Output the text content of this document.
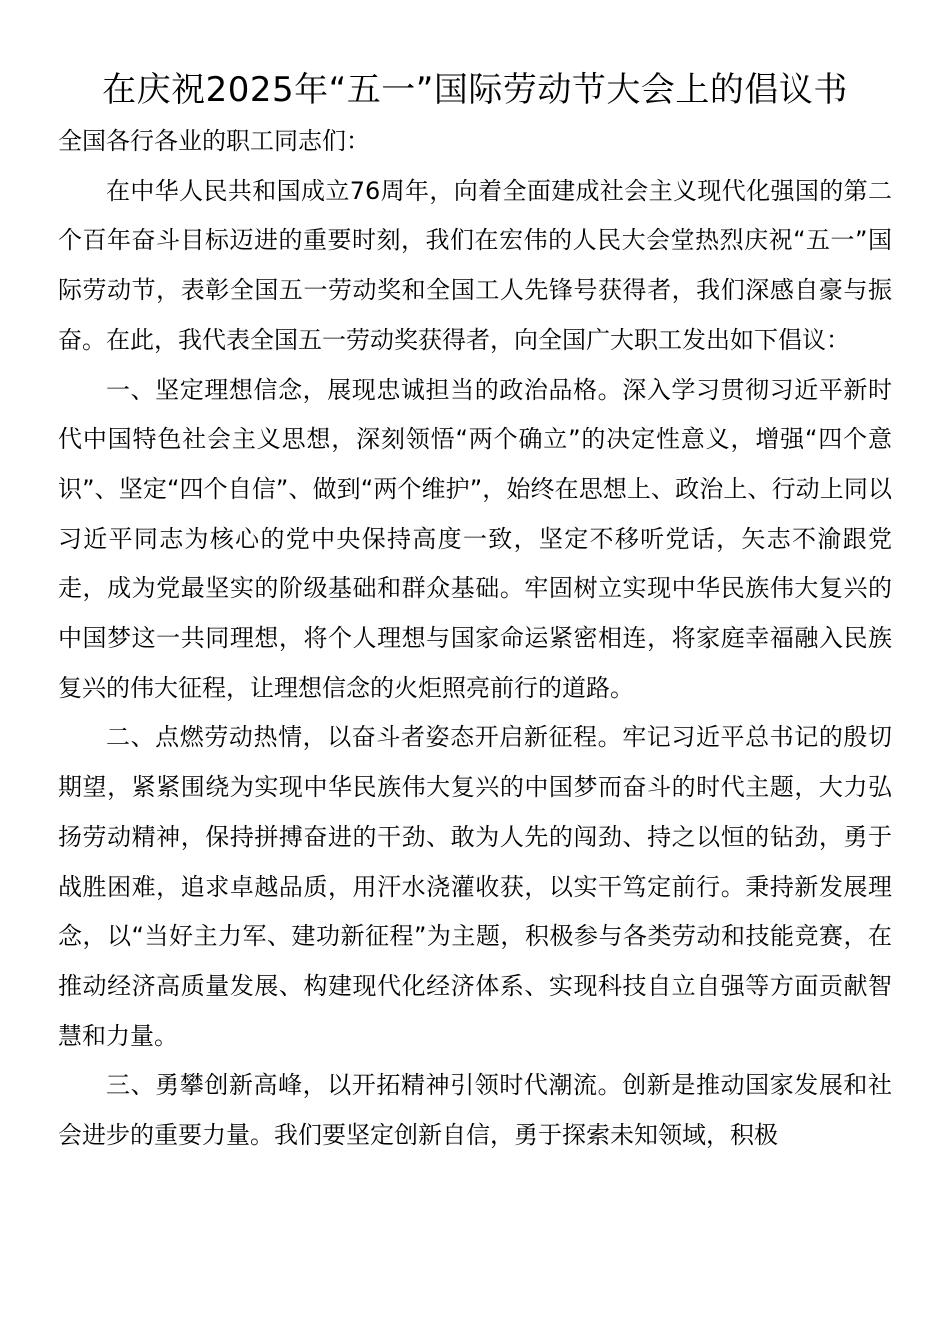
在庆祝2025年“五一”国际劳动节大会上的倡议书

全国各行各业的职工同志们：

在中华人民共和国成立76周年，向着全面建成社会主义现代化强国的第二个百年奋斗目标迈进的重要时刻，我们在宏伟的人民大会堂热烈庆祝“五一”国际劳动节，表彰全国五一劳动奖和全国工人先锋号获得者，我们深感自豪与振奋。在此，我代表全国五一劳动奖获得者，向全国广大职工发出如下倡议：

一、坚定理想信念，展现忠诚担当的政治品格。深入学习贯彻习近平新时代中国特色社会主义思想，深刻领悟“两个确立”的决定性意义，增强“四个意识”、坚定“四个自信”、做到“两个维护”，始终在思想上、政治上、行动上同以习近平同志为核心的党中央保持高度一致，坚定不移听党话，矢志不渝跟党走，成为党最坚实的阶级基础和群众基础。牢固树立实现中华民族伟大复兴的中国梦这一共同理想，将个人理想与国家命运紧密相连，将家庭幸福融入民族复兴的伟大征程，让理想信念的火炬照亮前行的道路。

二、点燃劳动热情，以奋斗者姿态开启新征程。牢记习近平总书记的殷切期望，紧紧围绕为实现中华民族伟大复兴的中国梦而奋斗的时代主题，大力弘扬劳动精神，保持拼搏奋进的干劲、敢为人先的闯劲、持之以恒的钻劲，勇于战胜困难，追求卓越品质，用汗水浇灌收获，以实干笃定前行。秉持新发展理念，以“当好主力军、建功新征程”为主题，积极参与各类劳动和技能竞赛，在推动经济高质量发展、构建现代化经济体系、实现科技自立自强等方面贡献智慧和力量。

三、勇攀创新高峰，以开拓精神引领时代潮流。创新是推动国家发展和社会进步的重要力量。我们要坚定创新自信，勇于探索未知领域，积极
